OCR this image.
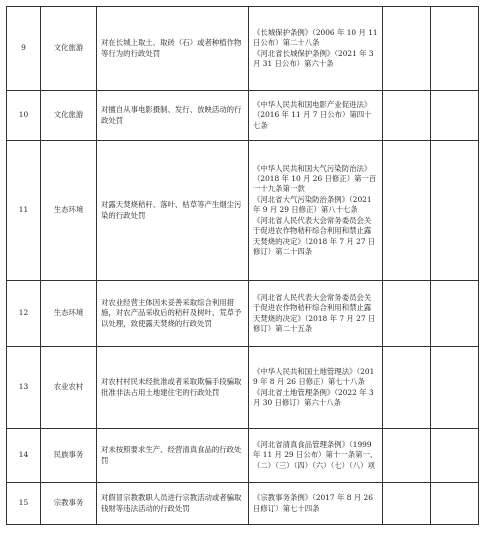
9	文化旅游	对在长城上取土、取砖（石）或者种植作物等行为的行政处罚	《长城保护条例》（2006 年 10 月 11 日公布）第二十八条
《河北省长城保护条例》（2021 年 3 月 31 日公布）第六十条		

10	文化旅游	对擅自从事电影摄制、发行、放映活动的行政处罚	《中华人民共和国电影产业促进法》（2016 年 11 月 7 日公布）第四十七条		

11	生态环境	对露天焚烧秸秆、落叶、枯草等产生烟尘污染的行政处罚	《中华人民共和国大气污染防治法》（2018 年 10 月 26 日修正）第一百一十九条第一款
《河北省大气污染防治条例》（2021 年 9 月 29 日修正）第八十七条
《河北省人民代表大会常务委员会关于促进农作物秸秆综合利用和禁止露天焚烧的决定》（2018 年 7 月 27 日修订）第二十四条		

12	生态环境	对农业经营主体因未妥善采取综合利用措施，对农产品采收后的秸秆及树叶、荒草予以处理，致使露天焚烧的行政处罚	《河北省人民代表大会常务委员会关于促进农作物秸秆综合利用和禁止露天焚烧的决定》（2018 年 7 月 27 日修订）第二十五条		

13	农业农村	对农村村民未经批准或者采取欺骗手段骗取批准非法占用土地建住宅的行政处罚	《中华人民共和国土地管理法》（2019 年 8 月 26 日修正）第七十八条
《河北省土地管理条例》（2022 年 3 月 30 日修订）第六十八条		

14	民族事务	对未按照要求生产、经营清真食品的行政处罚	《河北省清真食品管理条例》（1999 年 11 月 29 日公布）第十一条第一、（二）（三）（四）（六）（七）（八）项		

15	宗教事务	对假冒宗教教职人员进行宗教活动或者骗取钱财等违法活动的行政处罚	《宗教事务条例》（2017 年 8 月 26 日修订）第七十四条		
